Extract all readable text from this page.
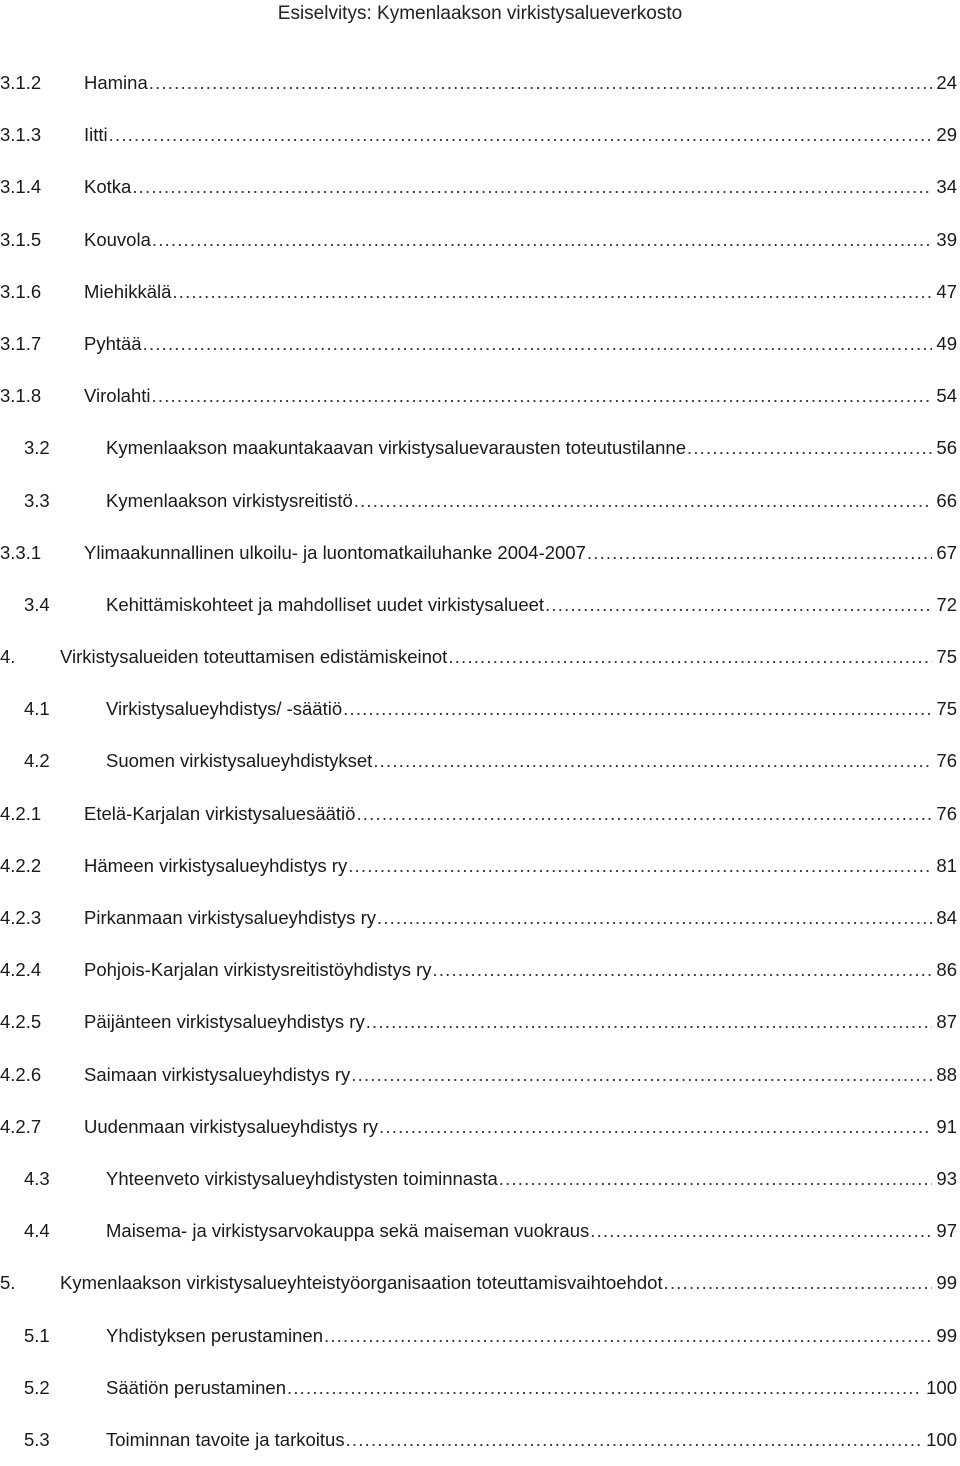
Esiselvitys: Kymenlaakson virkistysalueverkosto
3.1.2 Hamina .....	24
3.1.3 Iitti .....	29
3.1.4 Kotka .....	34
3.1.5 Kouvola .....	39
3.1.6 Miehikkälä .....	47
3.1.7 Pyhtää .....	49
3.1.8 Virolahti .....	54
3.2	Kymenlaakson maakuntakaavan virkistysaluevarausten toteutustilanne .....	56
3.3	Kymenlaakson virkistysreitistö .....	66
3.3.1 Ylimaakunnallinen ulkoilu- ja luontomatkailuhanke 2004-2007 .....	67
3.4	Kehittämiskohteet ja mahdolliset uudet virkistysalueet .....	72
4. Virkistysalueiden toteuttamisen edistämiskeinot .....	75
4.1	Virkistysalueyhdistys/ -säätiö .....	75
4.2	Suomen virkistysalueyhdistykset .....	76
4.2.1 Etelä-Karjalan virkistysaluesäätiö .....	76
4.2.2 Hämeen virkistysalueyhdistys ry .....	81
4.2.3 Pirkanmaan virkistysalueyhdistys ry .....	84
4.2.4 Pohjois-Karjalan virkistysreitistöyhdistys ry .....	86
4.2.5 Päijänteen virkistysalueyhdistys ry .....	87
4.2.6 Saimaan virkistysalueyhdistys ry .....	88
4.2.7 Uudenmaan virkistysalueyhdistys ry .....	91
4.3	Yhteenveto virkistysalueyhdistysten toiminnasta .....	93
4.4	Maisema- ja virkistysarvokauppa sekä maiseman vuokraus .....	97
5. Kymenlaakson virkistysalueyhteistyöorganisaation toteuttamisvaihtoehdot .....	99
5.1	Yhdistyksen perustaminen .....	99
5.2	Säätiön perustaminen .....	100
5.3	Toiminnan tavoite ja tarkoitus .....	100
